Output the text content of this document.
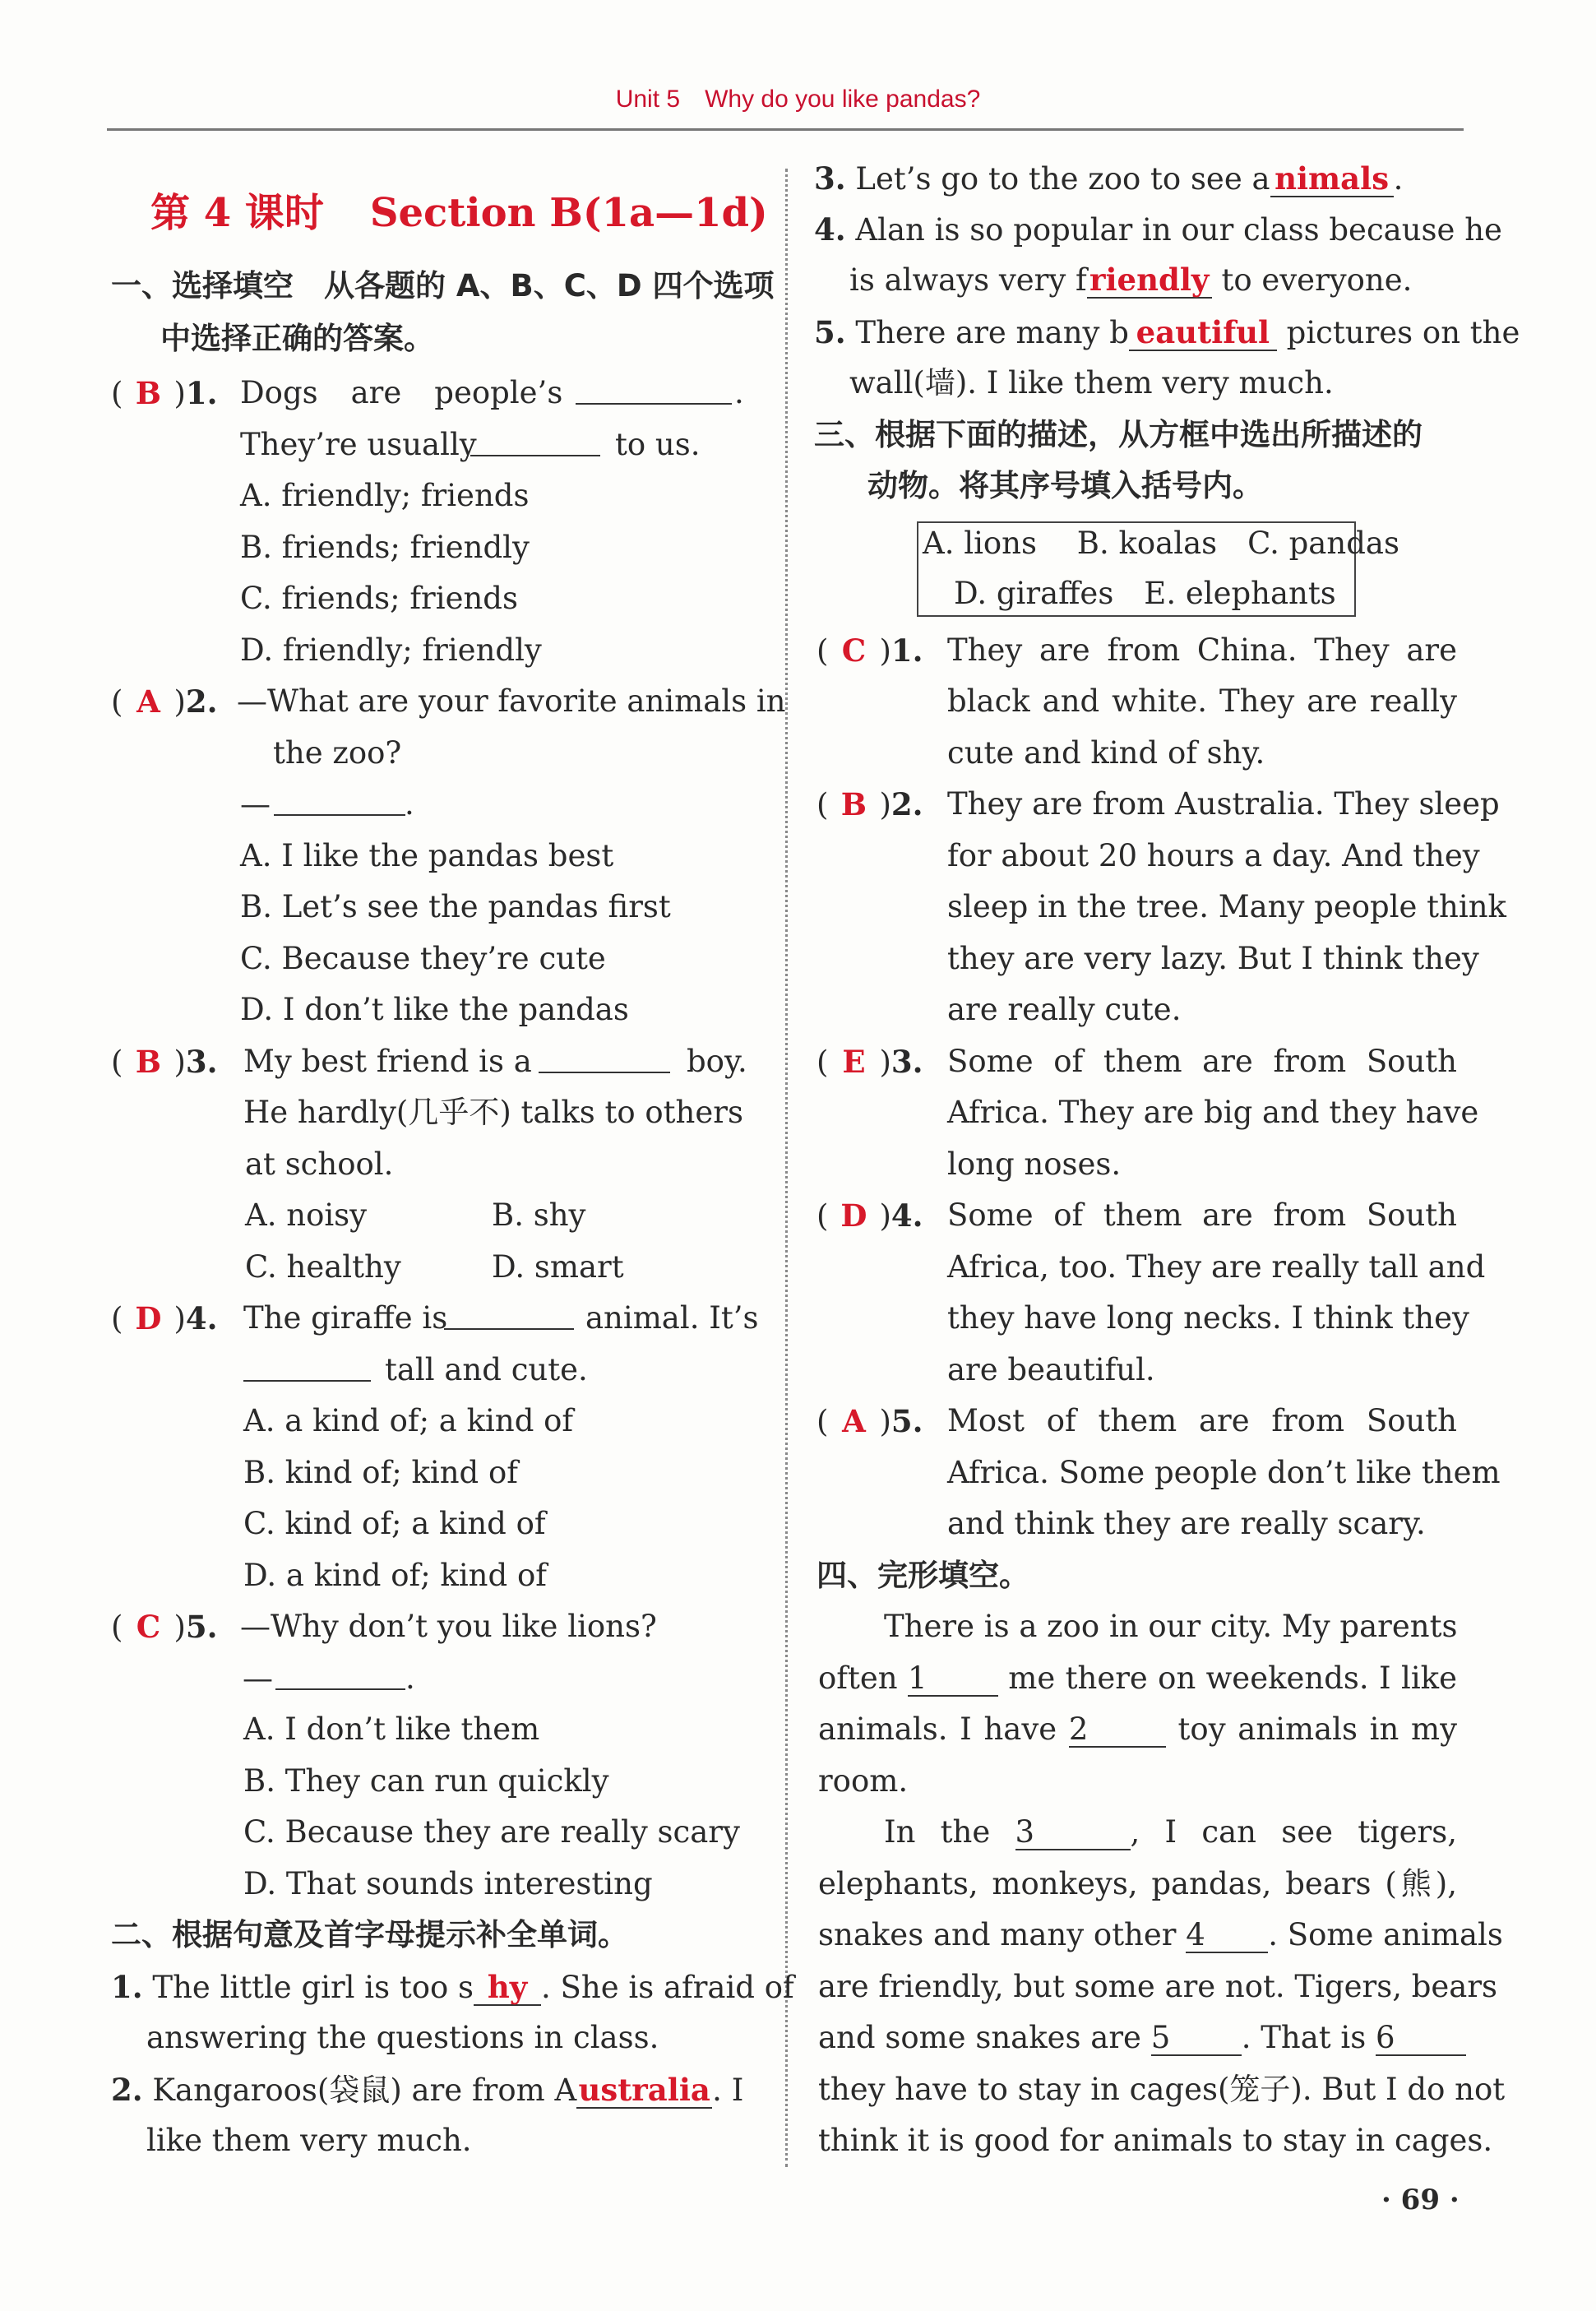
Unit 5 Why do you like pandas?
第 4 课时 Section B(1a—1d)
一、选择填空　从各题的 A、B、C、D 四个选项
中选择正确的答案。
( B )1. Dogs are people’s	.
They’re usually	to us.
A. friendly; friends
B. friends; friendly
C. friends; friends
D. friendly; friendly
( A )2. —What are your favorite animals in
the zoo?
—	.
A. I like the pandas best
B. Let’s see the pandas first
C. Because they’re cute
D. I don’t like the pandas
( B )3. My best friend is a	boy.
He hardly(几乎不) talks to others
at school.
A. noisy	B. shy
C. healthy	D. smart
( D )4. The giraffe is	animal. It’s
tall and cute.
A. a kind of; a kind of
B. kind of; kind of
C. kind of; a kind of
D. a kind of; kind of
( C )5. —Why don’t you like lions?
—	.
A. I don’t like them
B. They can run quickly
C. Because they are really scary
D. That sounds interesting
二、根据句意及首字母提示补全单词。
1. The little girl is too s hy . She is afraid of
answering the questions in class.
2. Kangaroos(袋鼠) are from Australia. I
like them very much.
3. Let’s go to the zoo to see a nimals .
4. Alan is so popular in our class because he
is always very friendly to everyone.
5. There are many b eautiful pictures on the
wall(墙). I like them very much.
三、根据下面的描述，从方框中选出所描述的
动物。将其序号填入括号内。
A. lions　 B. koalas　C. pandas
D. giraffes　E. elephants
( C )1. They are from China. They are
black and white. They are really
cute and kind of shy.
( B )2. They are from Australia. They sleep
for about 20 hours a day. And they
sleep in the tree. Many people think
they are very lazy. But I think they
are really cute.
( E )3. Some of them are from South
Africa. They are big and they have
long noses.
( D )4. Some of them are from South
Africa, too. They are really tall and
they have long necks. I think they
are beautiful.
( A )5. Most of them are from South
Africa. Some people don’t like them
and think they are really scary.
四、完形填空。
There is a zoo in our city. My parents
often 1	me there on weekends. I like
animals. I have 2	toy animals in my
room.
In the 3	, I can see tigers,
elephants, monkeys, pandas, bears (熊),
snakes and many other 4 . Some animals
are friendly, but some are not. Tigers, bears
and some snakes are 5 . That is 6
they have to stay in cages(笼子). But I do not
think it is good for animals to stay in cages.
· 69 ·
